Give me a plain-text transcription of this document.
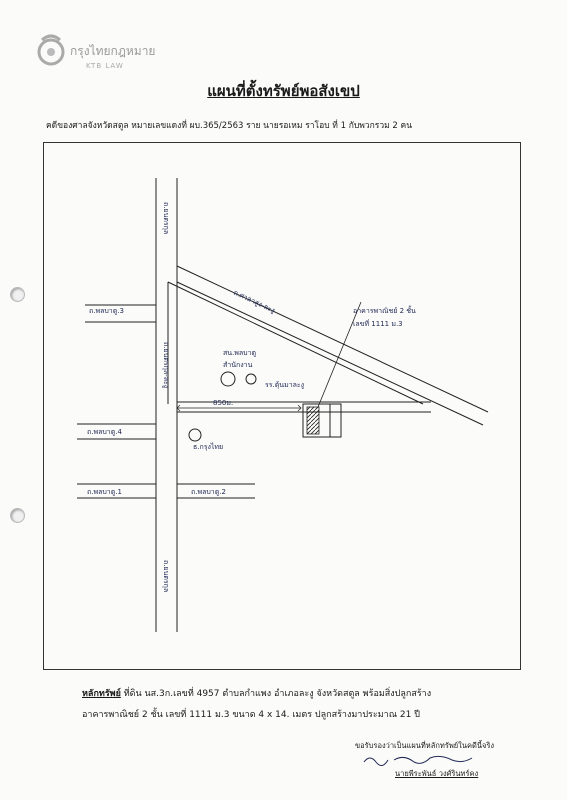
กรุงไทยกฎหมาย
KTB LAW
แผนที่ตั้งทรัพย์พอสังเขป
คดีของศาลจังหวัดสตูล หมายเลขแดงที่ ผบ.365/2563 ราย นายรอเหม ราโอบ ที่ 1 กับพวกรวม 2 คน
ถ.ยนตรกุล
ถ.พลบาตู.3	ถ.ศาลาสูง-ละงู	อาคารพาณิชย์ 2 ชั้น
เลขที่ 1111 ม.3
สน.พลบาตู
สำนักงาน
รร.ตุ้นมาละงู
ถ.ยนตรกุล-ละงู
850ม.
ธ.กรุงไทย
ถ.พลบาตู.4
ถ.พลบาตู.1	ถ.พลบาตู.2
ถ.ยนตรกุล
หลักทรัพย์ ที่ดิน นส.3ก.เลขที่ 4957 ตำบลกำแพง อำเภอละงู จังหวัดสตูล พร้อมสิ่งปลูกสร้าง
อาคารพาณิชย์ 2 ชั้น เลขที่ 1111 ม.3 ขนาด 4 x 14. เมตร ปลูกสร้างมาประมาณ 21 ปี
ขอรับรองว่าเป็นแผนที่หลักทรัพย์ในคดีนี้จริง
นายพีระพันธ์ วงศ์รินทร์คง
